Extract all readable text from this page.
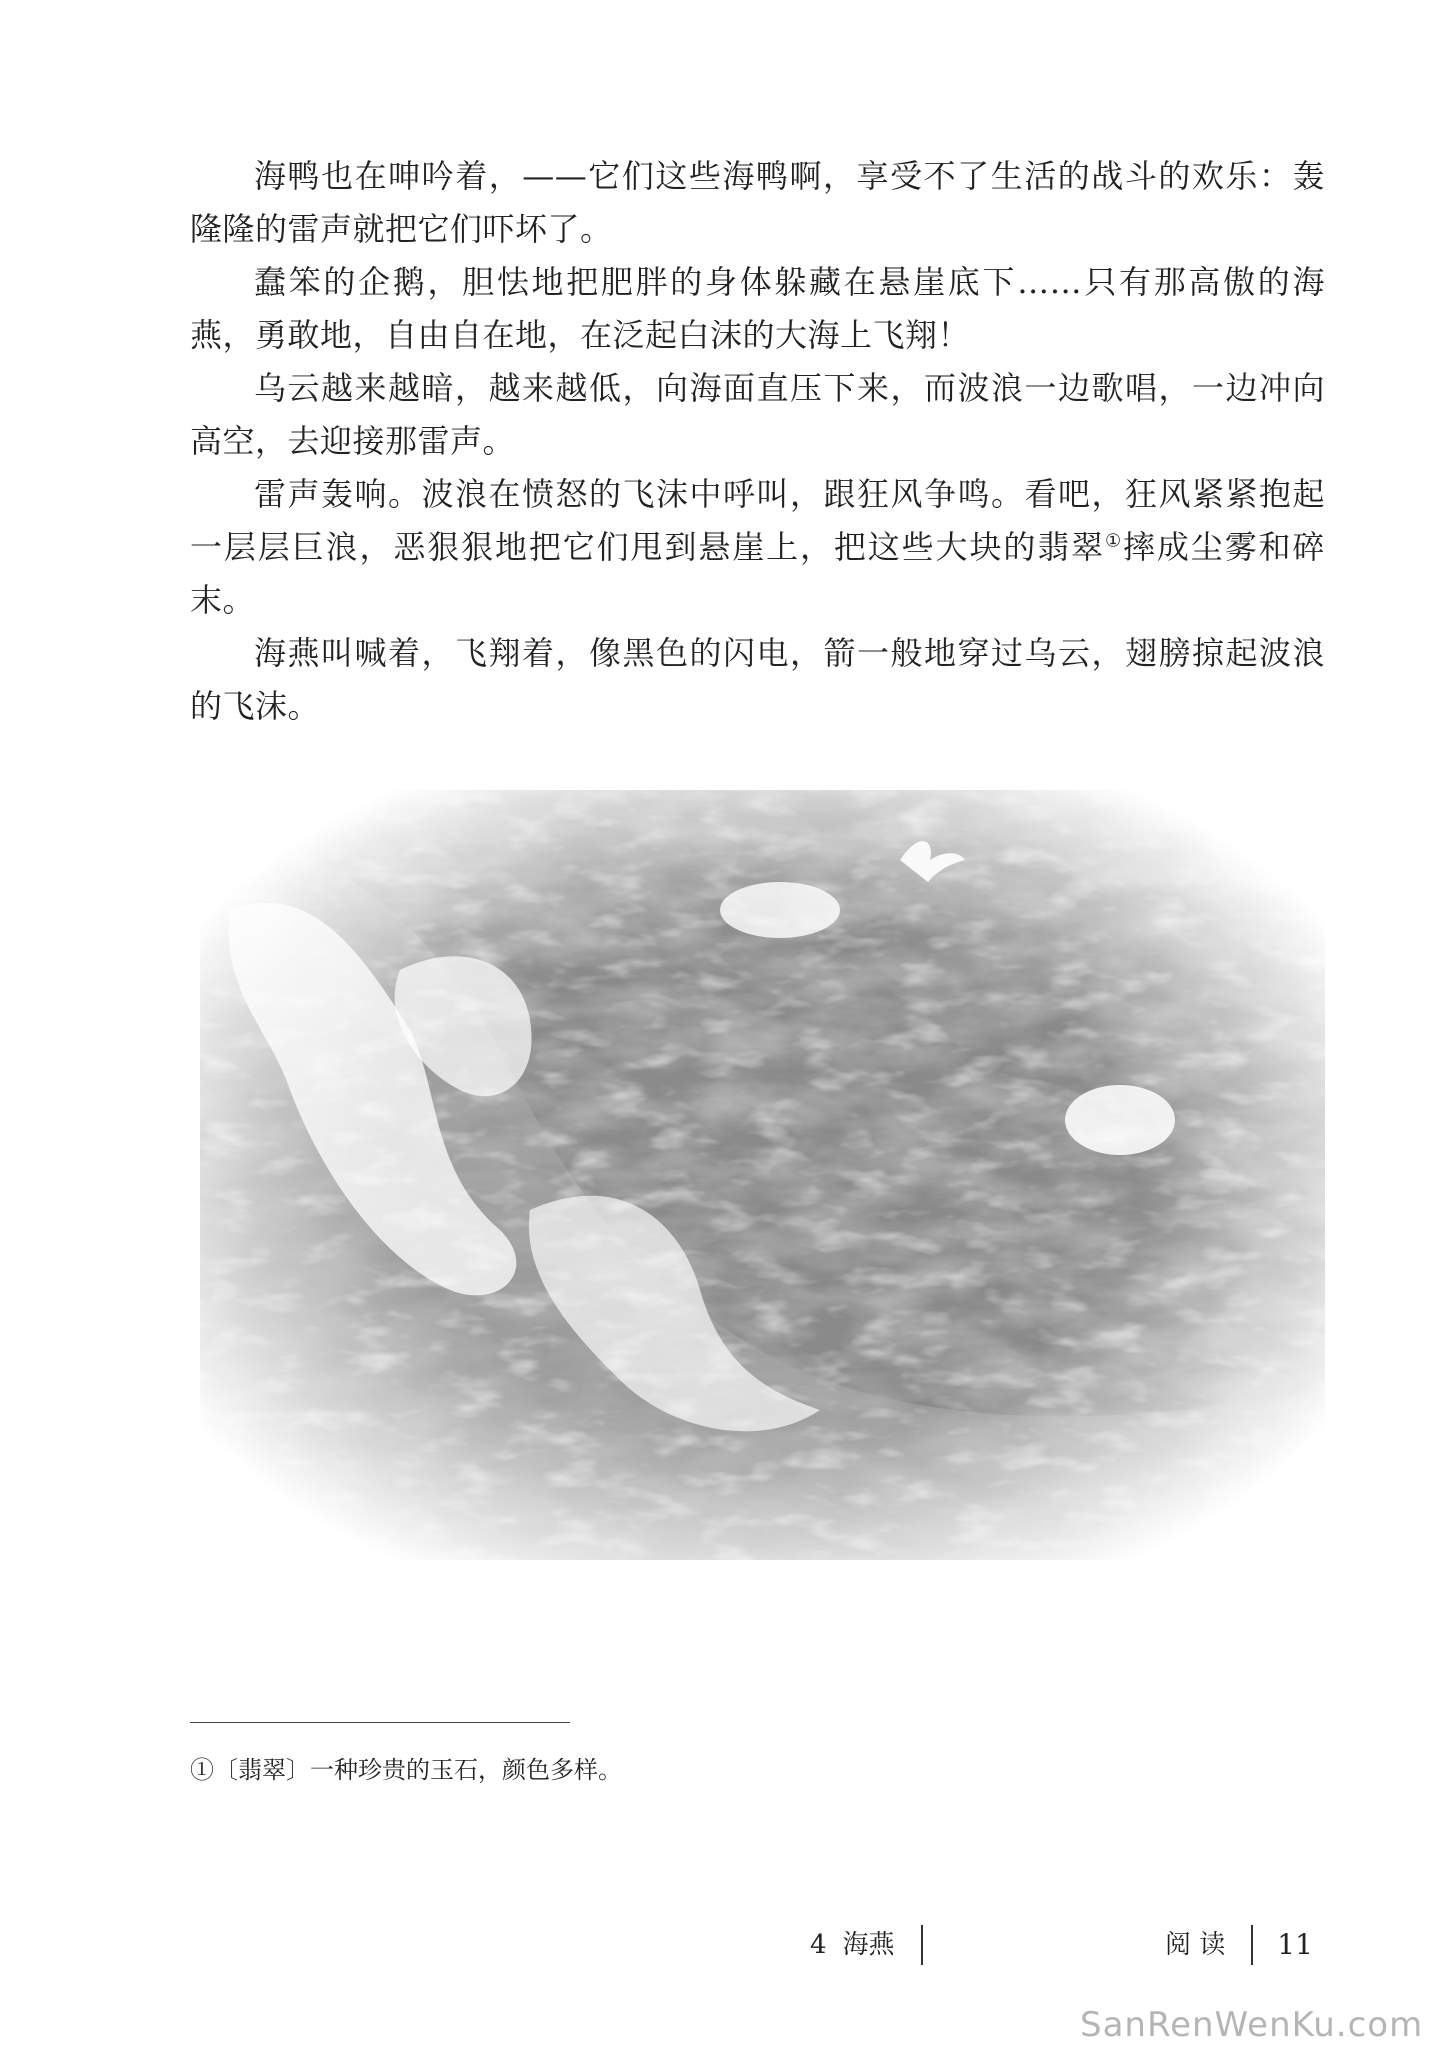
海鸭也在呻吟着，——它们这些海鸭啊，享受不了生活的战斗的欢乐：轰隆隆的雷声就把它们吓坏了。

蠢笨的企鹅，胆怯地把肥胖的身体躲藏在悬崖底下……只有那高傲的海燕，勇敢地，自由自在地，在泛起白沫的大海上飞翔！

乌云越来越暗，越来越低，向海面直压下来，而波浪一边歌唱，一边冲向高空，去迎接那雷声。

雷声轰响。波浪在愤怒的飞沫中呼叫，跟狂风争鸣。看吧，狂风紧紧抱起一层层巨浪，恶狠狠地把它们甩到悬崖上，把这些大块的翡翠①摔成尘雾和碎末。

海燕叫喊着，飞翔着，像黑色的闪电，箭一般地穿过乌云，翅膀掠起波浪的飞沫。

①〔翡翠〕一种珍贵的玉石，颜色多样。
4 海燕	阅 读 11
SanRenWenKu.com
